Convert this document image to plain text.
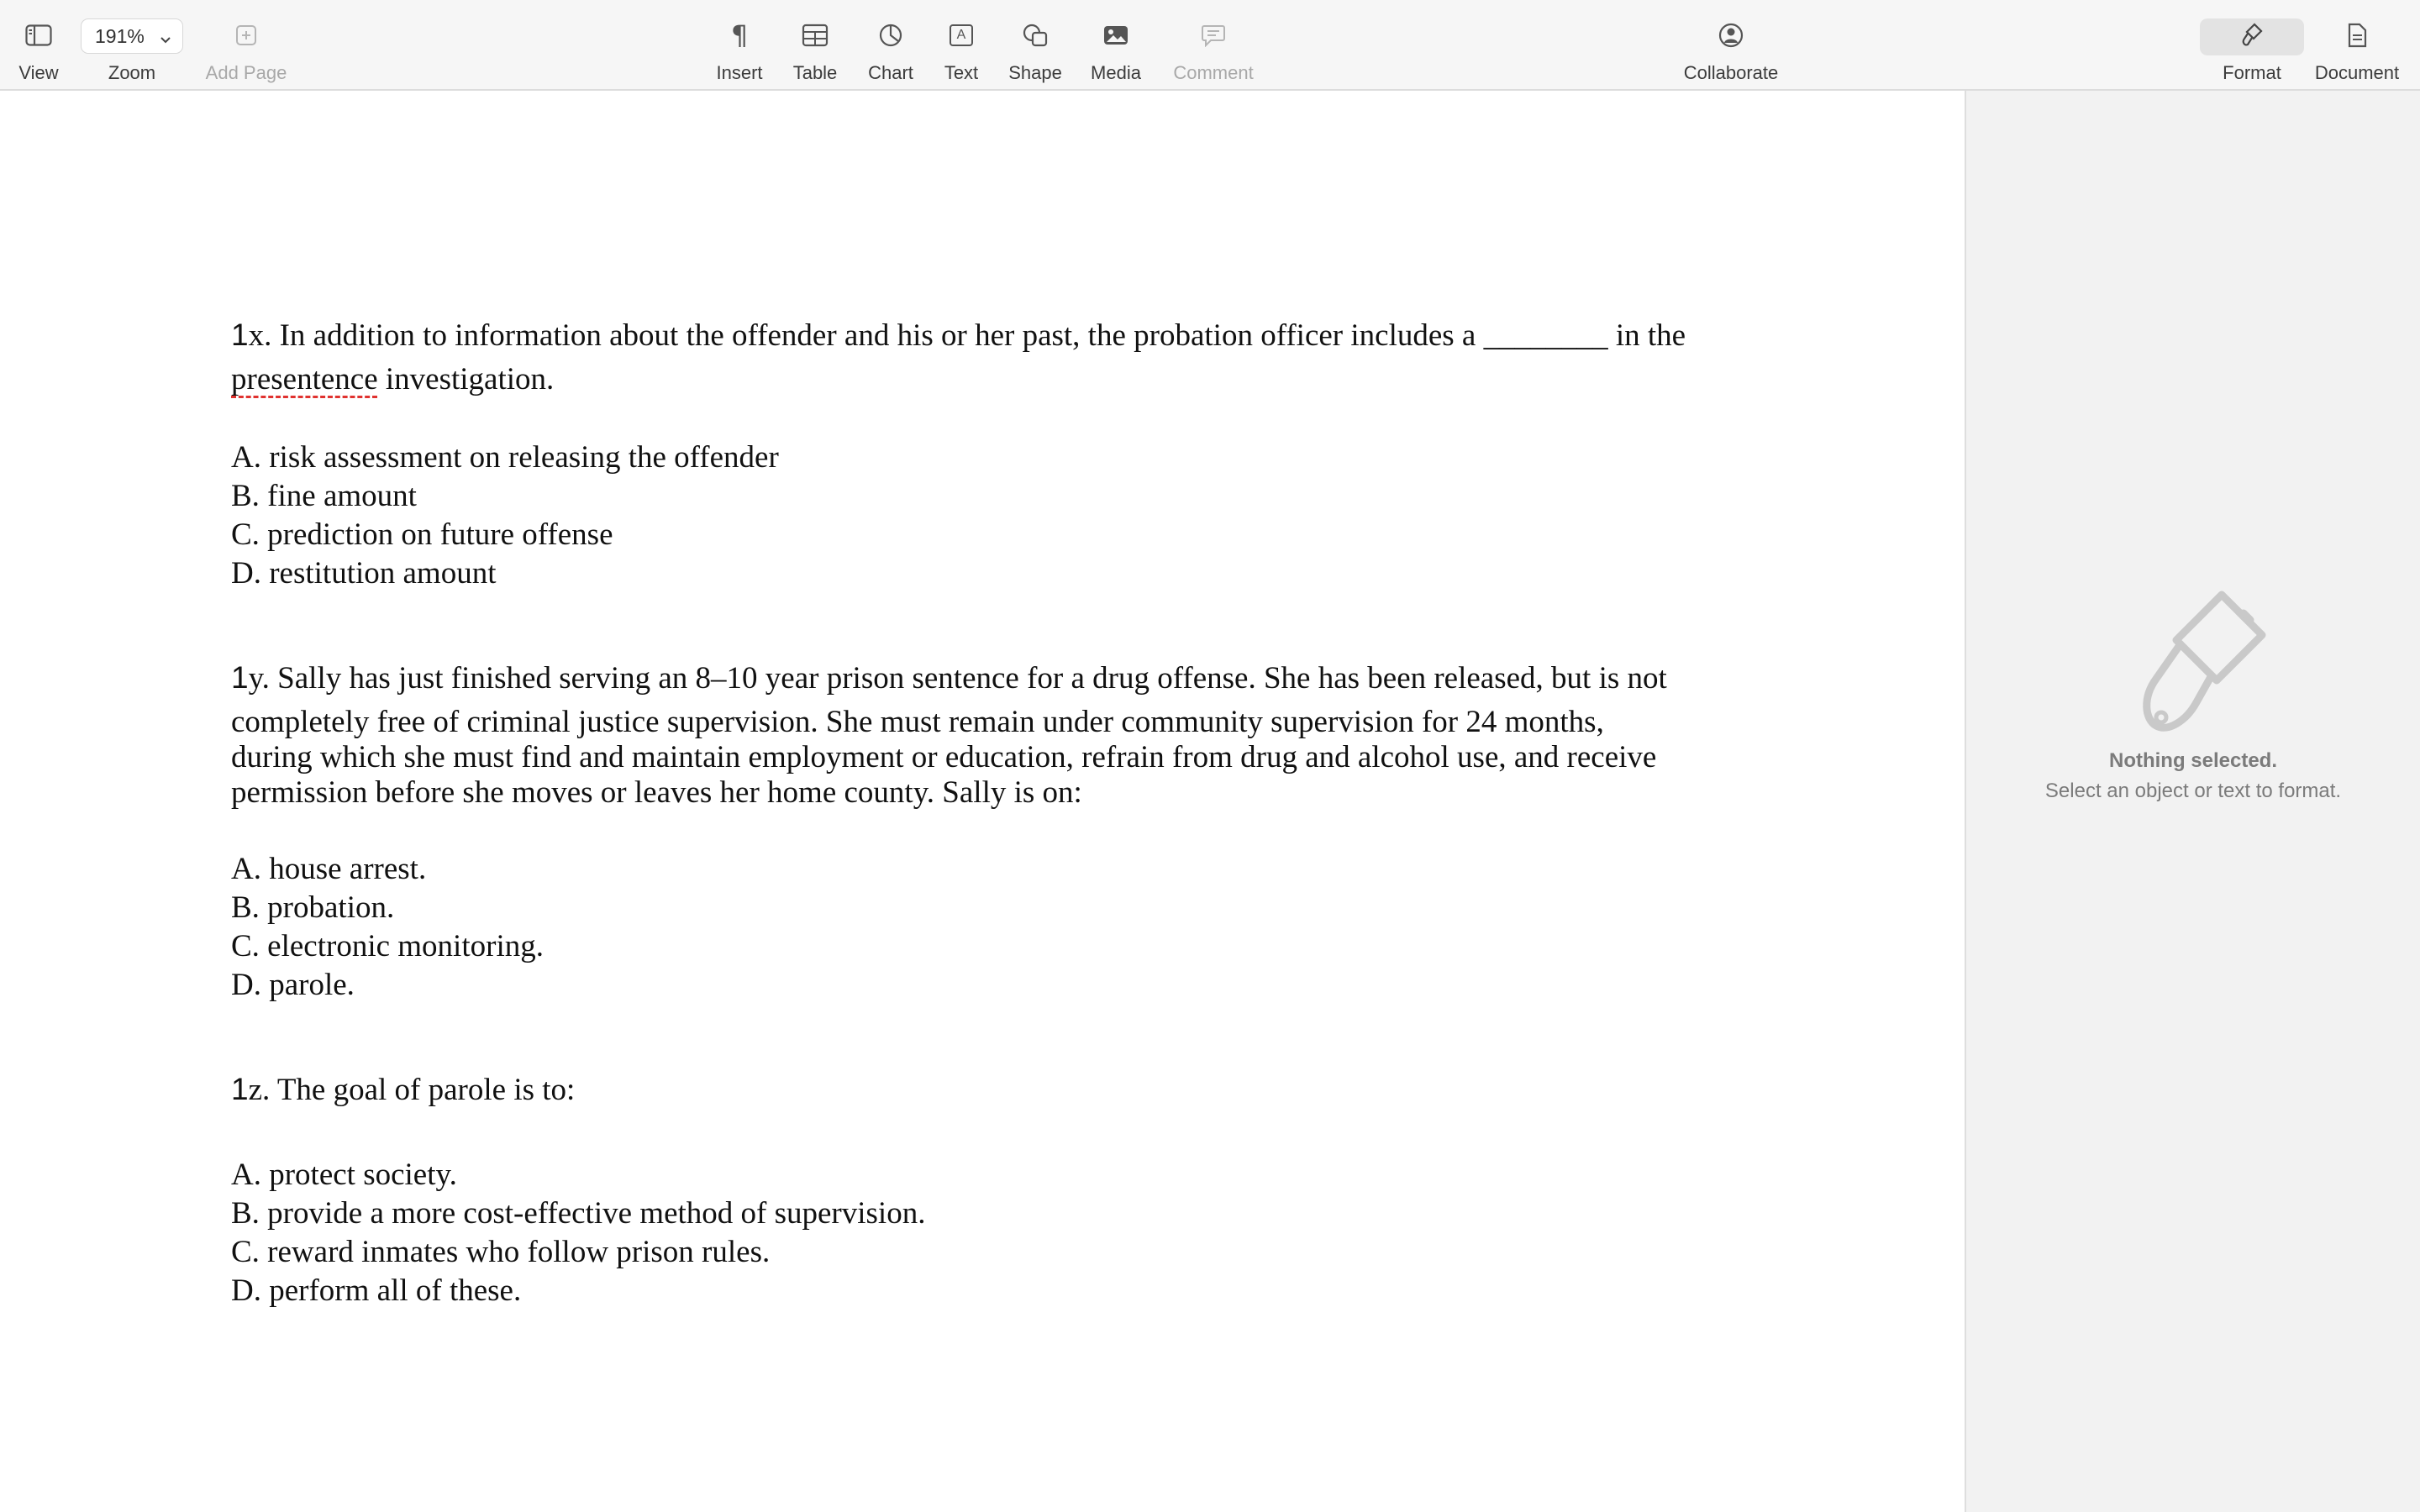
View
191%
Zoom	Add Page
¶
Insert Table Chart
A
Text Shape Media Comment	Collaborate	Format Document
1x. In addition to information about the offender and his or her past, the probation officer includes a ________ in the
presentence investigation.
A. risk assessment on releasing the offender
B. fine amount
C. prediction on future offense
D. restitution amount
1y. Sally has just finished serving an 8–10 year prison sentence for a drug offense. She has been released, but is not
completely free of criminal justice supervision. She must remain under community supervision for 24 months,
during which she must find and maintain employment or education, refrain from drug and alcohol use, and receive
permission before she moves or leaves her home county. Sally is on:
A. house arrest.
B. probation.
C. electronic monitoring.
D. parole.
1z. The goal of parole is to:
A. protect society.
B. provide a more cost-effective method of supervision.
C. reward inmates who follow prison rules.
D. perform all of these.
Nothing selected.
Select an object or text to format.
